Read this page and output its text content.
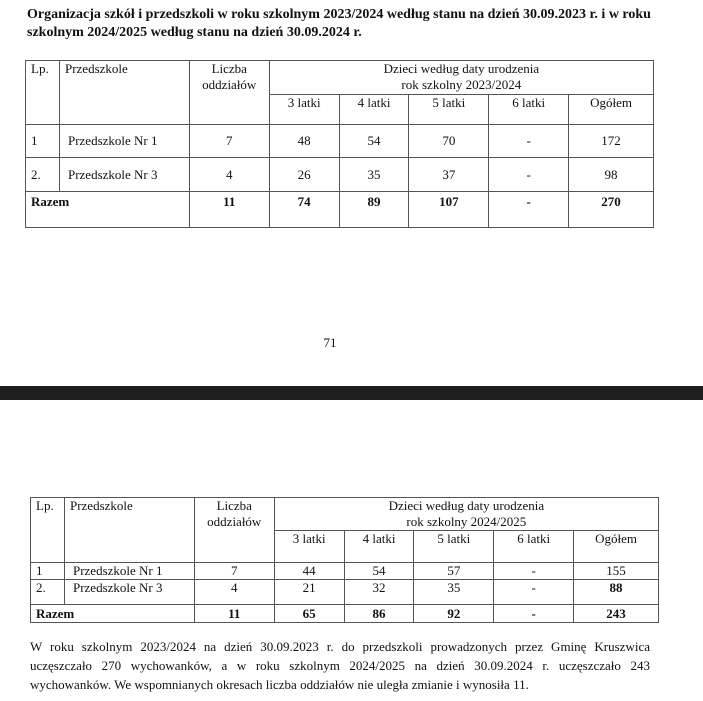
Organizacja szkół i przedszkoli w roku szkolnym 2023/2024 według stanu na dzień 30.09.2023 r. i w roku szkolnym 2024/2025 według stanu na dzień 30.09.2024 r.

Lp.	Przedszkole	Liczba oddziałów	Dzieci według daty urodzenia
rok szkolny 2023/2024				

			3 latki	4 latki	5 latki	6 latki	Ogółem
1	Przedszkole Nr 1	7	48	54	70	-	172
2.	Przedszkole Nr 3	4	26	35	37	-	98
Razem		11	74	89	107	-	270
71
Lp.	Przedszkole	Liczba oddziałów	Dzieci według daty urodzenia
rok szkolny 2024/2025				

			3 latki	4 latki	5 latki	6 latki	Ogółem
1	Przedszkole Nr 1	7	44	54	57	-	155
2.	Przedszkole Nr 3	4	21	32	35	-	88
Razem		11	65	86	92	-	243

W roku szkolnym 2023/2024 na dzień 30.09.2023 r. do przedszkoli prowadzonych przez Gminę Kruszwica uczęszczało 270 wychowanków, a w roku szkolnym 2024/2025 na dzień 30.09.2024 r. uczęszczało 243 wychowanków. We wspomnianych okresach liczba oddziałów nie uległa zmianie i wynosiła 11.
